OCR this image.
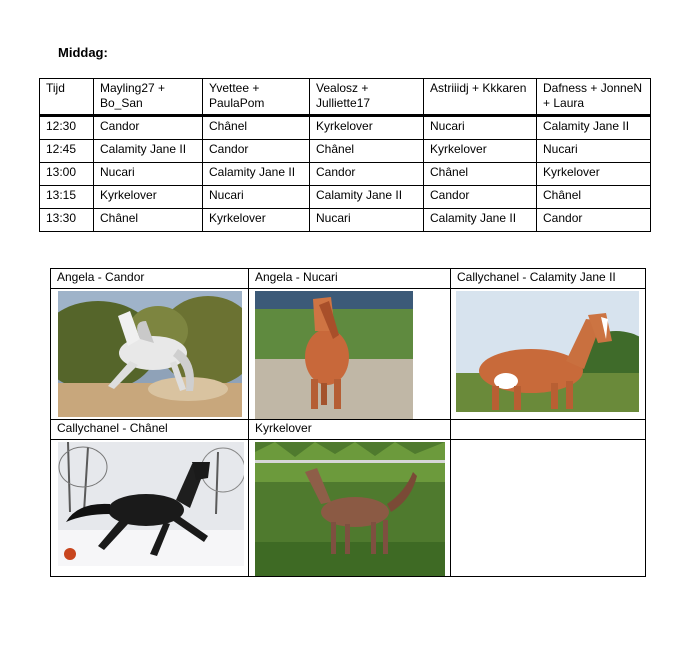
Middag:
Tijd	Mayling27 + Bo_San	Yvettee + PaulaPom	Vealosz + Julliette17	Astriiidj + Kkkaren	Dafness + JonneN + Laura
12:30	Candor	Chânel	Kyrkelover	Nucari	Calamity Jane II
12:45	Calamity Jane II	Candor	Chânel	Kyrkelover	Nucari
13:00	Nucari	Calamity Jane II	Candor	Chânel	Kyrkelover
13:15	Kyrkelover	Nucari	Calamity Jane II	Candor	Chânel
13:30	Chânel	Kyrkelover	Nucari	Calamity Jane II	Candor
Angela - Candor	Angela - Nucari	Callychanel - Calamity Jane II

Callychanel - Chânel	Kyrkelover	
